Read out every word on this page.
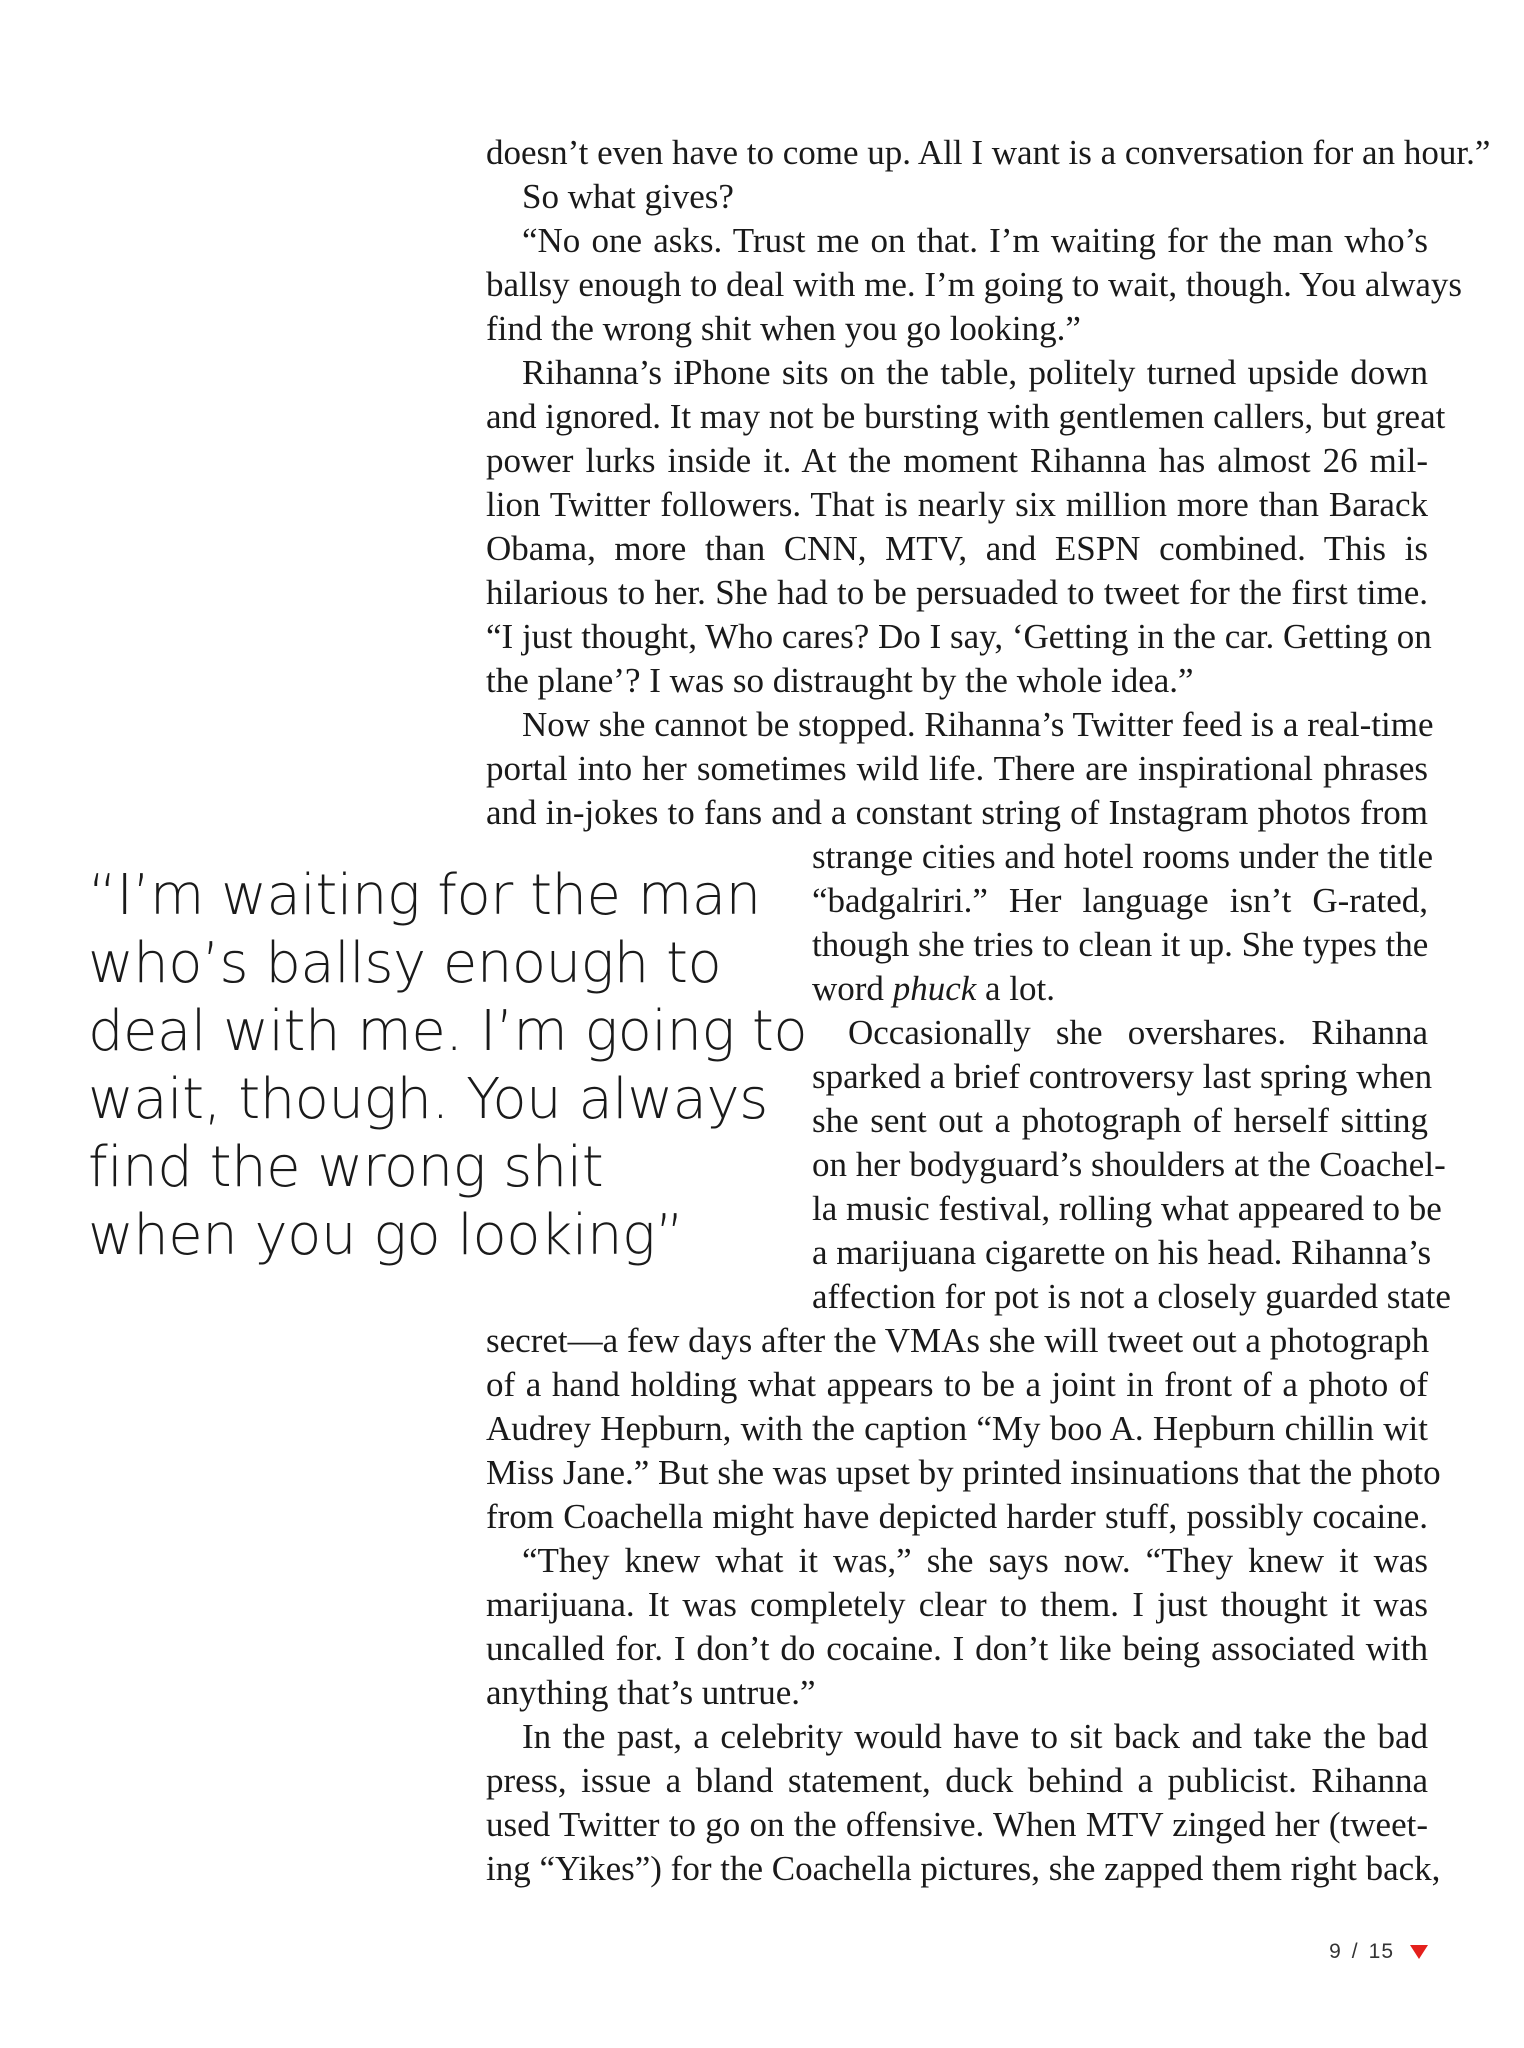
doesn’t even have to come up. All I want is a conversation for an hour.”
So what gives?
“No one asks. Trust me on that. I’m waiting for the man who’s
ballsy enough to deal with me. I’m going to wait, though. You always
find the wrong shit when you go looking.”
Rihanna’s iPhone sits on the table, politely turned upside down
and ignored. It may not be bursting with gentlemen callers, but great
power lurks inside it. At the moment Rihanna has almost 26 mil-
lion Twitter followers. That is nearly six million more than Barack
Obama, more than CNN, MTV, and ESPN combined. This is
hilarious to her. She had to be persuaded to tweet for the first time.
“I just thought, Who cares? Do I say, ‘Getting in the car. Getting on
the plane’? I was so distraught by the whole idea.”
Now she cannot be stopped. Rihanna’s Twitter feed is a real-time
portal into her sometimes wild life. There are inspirational phrases
and in-jokes to fans and a constant string of Instagram photos from
strange cities and hotel rooms under the title
“badgalriri.” Her language isn’t G-rated,
though she tries to clean it up. She types the
word phuck a lot.
Occasionally she overshares. Rihanna
sparked a brief controversy last spring when
she sent out a photograph of herself sitting
on her bodyguard’s shoulders at the Coachel-
la music festival, rolling what appeared to be
a marijuana cigarette on his head. Rihanna’s
affection for pot is not a closely guarded state
secret—a few days after the VMAs she will tweet out a photograph
of a hand holding what appears to be a joint in front of a photo of
Audrey Hepburn, with the caption “My boo A. Hepburn chillin wit
Miss Jane.” But she was upset by printed insinuations that the photo
from Coachella might have depicted harder stuff, possibly cocaine.
“They knew what it was,” she says now. “They knew it was
marijuana. It was completely clear to them. I just thought it was
uncalled for. I don’t do cocaine. I don’t like being associated with
anything that’s untrue.”
In the past, a celebrity would have to sit back and take the bad
press, issue a bland statement, duck behind a publicist. Rihanna
used Twitter to go on the offensive. When MTV zinged her (tweet-
ing “Yikes”) for the Coachella pictures, she zapped them right back,
“I’m waiting for the man
who’s ballsy enough to
deal with me. I’m going to
wait, though. You always
find the wrong shit
when you go looking”
9 / 15
